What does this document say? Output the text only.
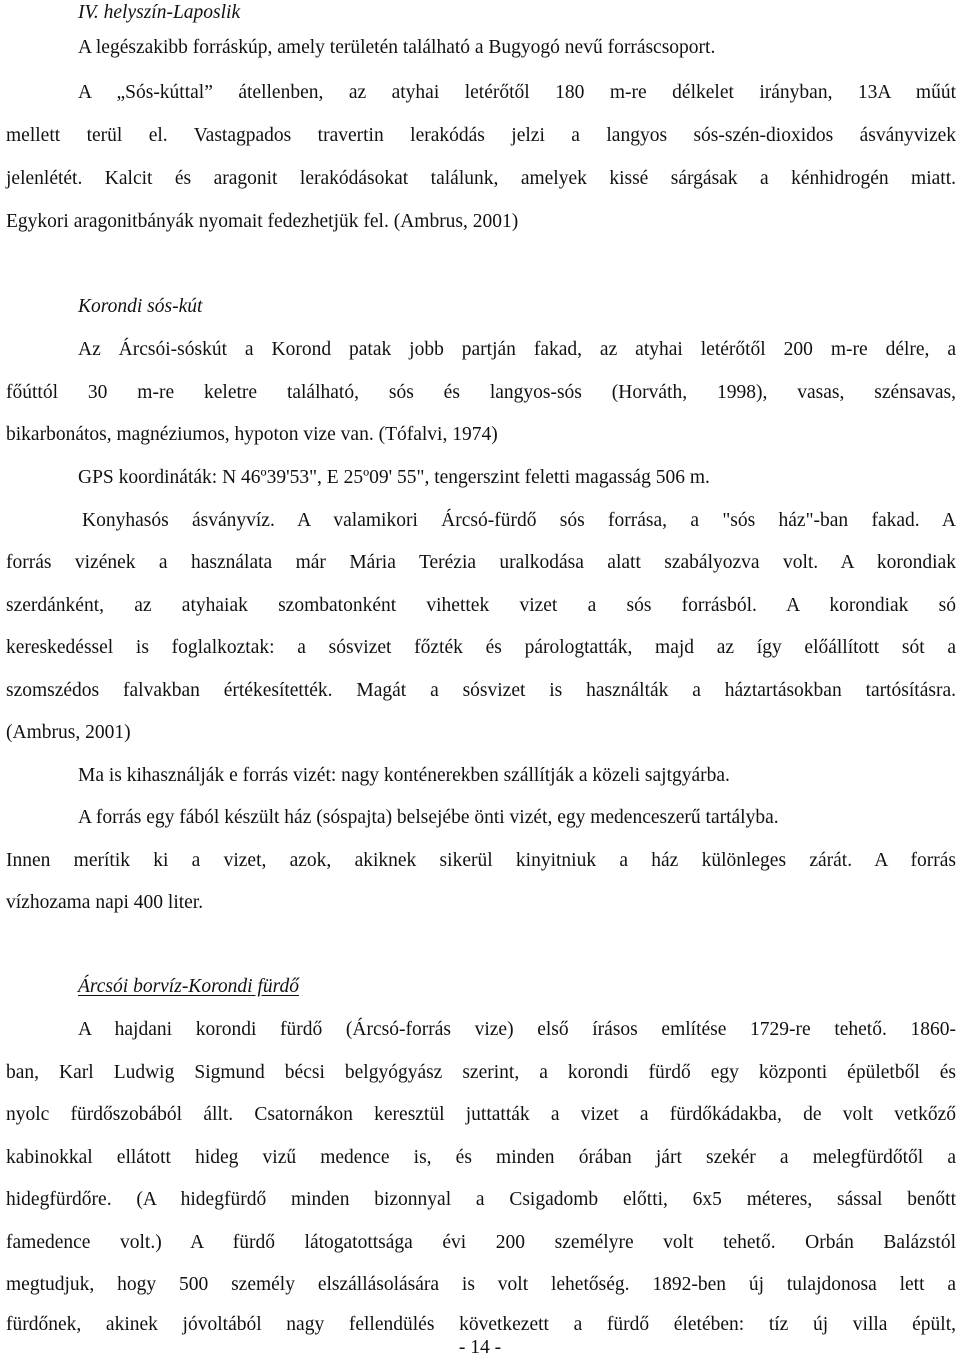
IV. helyszín-Laposlik
A legészakibb forráskúp, amely területén található a Bugyogó nevű forráscsoport.
A „Sós-kúttal” átellenben, az atyhai letérőtől 180 m-re délkelet irányban, 13A műút
mellett terül el. Vastagpados travertin lerakódás jelzi a langyos sós-szén-dioxidos ásványvizek
jelenlétét. Kalcit és aragonit lerakódásokat találunk, amelyek kissé sárgásak a kénhidrogén miatt.
Egykori aragonitbányák nyomait fedezhetjük fel. (Ambrus, 2001)
Korondi sós-kút
Az Árcsói-sóskút a Korond patak jobb partján fakad, az atyhai letérőtől 200 m-re délre, a
főúttól 30 m-re keletre található, sós és langyos-sós (Horváth, 1998), vasas, szénsavas,
bikarbonátos, magnéziumos, hypoton vize van. (Tófalvi, 1974)
GPS koordináták: N 46º39'53", E 25º09' 55", tengerszint feletti magasság 506 m.
Konyhasós ásványvíz. A valamikori Árcsó-fürdő sós forrása, a "sós ház"-ban fakad. A
forrás vizének a használata már Mária Terézia uralkodása alatt szabályozva volt. A korondiak
szerdánként, az atyhaiak szombatonként vihettek vizet a sós forrásból. A korondiak só
kereskedéssel is foglalkoztak: a sósvizet főzték és párologtatták, majd az így előállított sót a
szomszédos falvakban értékesítették. Magát a sósvizet is használták a háztartásokban tartósításra.
(Ambrus, 2001)
Ma is kihasználják e forrás vizét: nagy konténerekben szállítják a közeli sajtgyárba.
A forrás egy fából készült ház (sóspajta) belsejébe önti vizét, egy medenceszerű tartályba.
Innen merítik ki a vizet, azok, akiknek sikerül kinyitniuk a ház különleges zárát. A forrás
vízhozama napi 400 liter.
Árcsói borvíz-Korondi fürdő
A hajdani korondi fürdő (Árcsó-forrás vize) első írásos említése 1729-re tehető. 1860-
ban, Karl Ludwig Sigmund bécsi belgyógyász szerint, a korondi fürdő egy központi épületből és
nyolc fürdőszobából állt. Csatornákon keresztül juttatták a vizet a fürdőkádakba, de volt vetkőző
kabinokkal ellátott hideg vizű medence is, és minden órában járt szekér a melegfürdőtől a
hidegfürdőre. (A hidegfürdő minden bizonnyal a Csigadomb előtti, 6x5 méteres, sással benőtt
famedence volt.) A fürdő látogatottsága évi 200 személyre volt tehető. Orbán Balázstól
megtudjuk, hogy 500 személy elszállásolására is volt lehetőség. 1892-ben új tulajdonosa lett a
fürdőnek, akinek jóvoltából nagy fellendülés következett a fürdő életében: tíz új villa épült,
- 14 -
